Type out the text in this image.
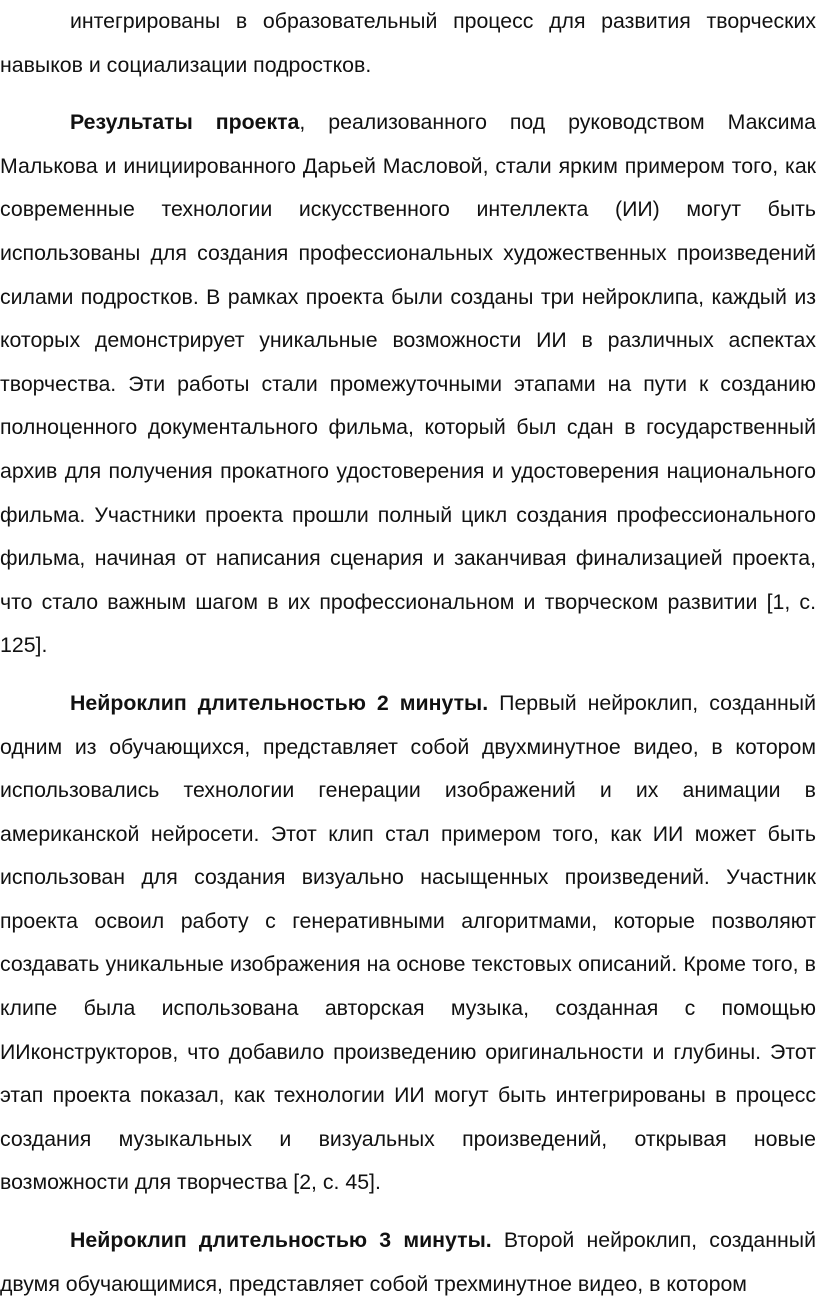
интегрированы в образовательный процесс для развития творческих навыков и социализации подростков.

Результаты проекта, реализованного под руководством Максима Малькова и инициированного Дарьей Масловой, стали ярким примером того, как современные технологии искусственного интеллекта (ИИ) могут быть использованы для создания профессиональных художественных произведений силами подростков. В рамках проекта были созданы три нейроклипа, каждый из которых демонстрирует уникальные возможности ИИ в различных аспектах творчества. Эти работы стали промежуточными этапами на пути к созданию полноценного документального фильма, который был сдан в государственный архив для получения прокатного удостоверения и удостоверения национального фильма. Участники проекта прошли полный цикл создания профессионального фильма, начиная от написания сценария и заканчивая финализацией проекта, что стало важным шагом в их профессиональном и творческом развитии [1, с. 125].

Нейроклип длительностью 2 минуты. Первый нейроклип, созданный одним из обучающихся, представляет собой двухминутное видео, в котором использовались технологии генерации изображений и их анимации в американской нейросети. Этот клип стал примером того, как ИИ может быть использован для создания визуально насыщенных произведений. Участник проекта освоил работу с генеративными алгоритмами, которые позволяют создавать уникальные изображения на основе текстовых описаний. Кроме того, в клипе была использована авторская музыка, созданная с помощью ИИконструкторов, что добавило произведению оригинальности и глубины. Этот этап проекта показал, как технологии ИИ могут быть интегрированы в процесс создания музыкальных и визуальных произведений, открывая новые возможности для творчества [2, с. 45].

Нейроклип длительностью 3 минуты. Второй нейроклип, созданный двумя обучающимися, представляет собой трехминутное видео, в котором
